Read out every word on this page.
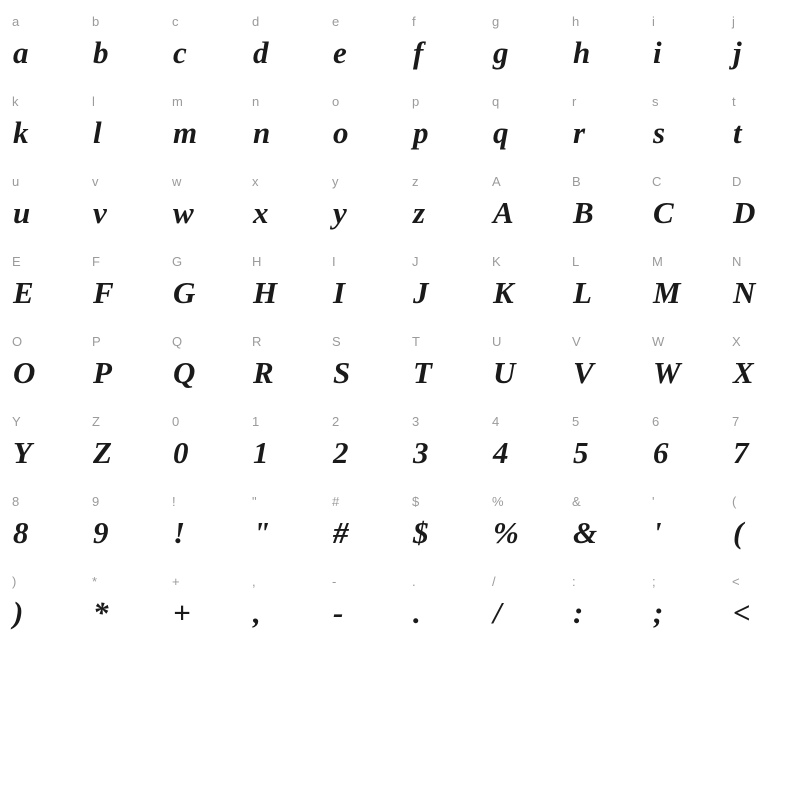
a
a
b
b
c
c
d
d
e
e
f
f
g
g
h
h
i
i
j
j
k
k
l
l
m
m
n
n
o
o
p
p
q
q
r
r
s
s
t
t
u
u
v
v
w
w
x
x
y
y
z
z
A
A
B
B
C
C
D
D
E
E
F
F
G
G
H
H
I
I
J
J
K
K
L
L
M
M
N
N
O
O
P
P
Q
Q
R
R
S
S
T
T
U
U
V
V
W
W
X
X
Y
Y
Z
Z
0
0
1
1
2
2
3
3
4
4
5
5
6
6
7
7
8
8
9
9
!
!
"
"
#
#
$
$
%
%
&
&
'
'
(
(
)
)
*
*
+
+
,
,
-
-
.
.
/
/
:
:
;
;
<
<
